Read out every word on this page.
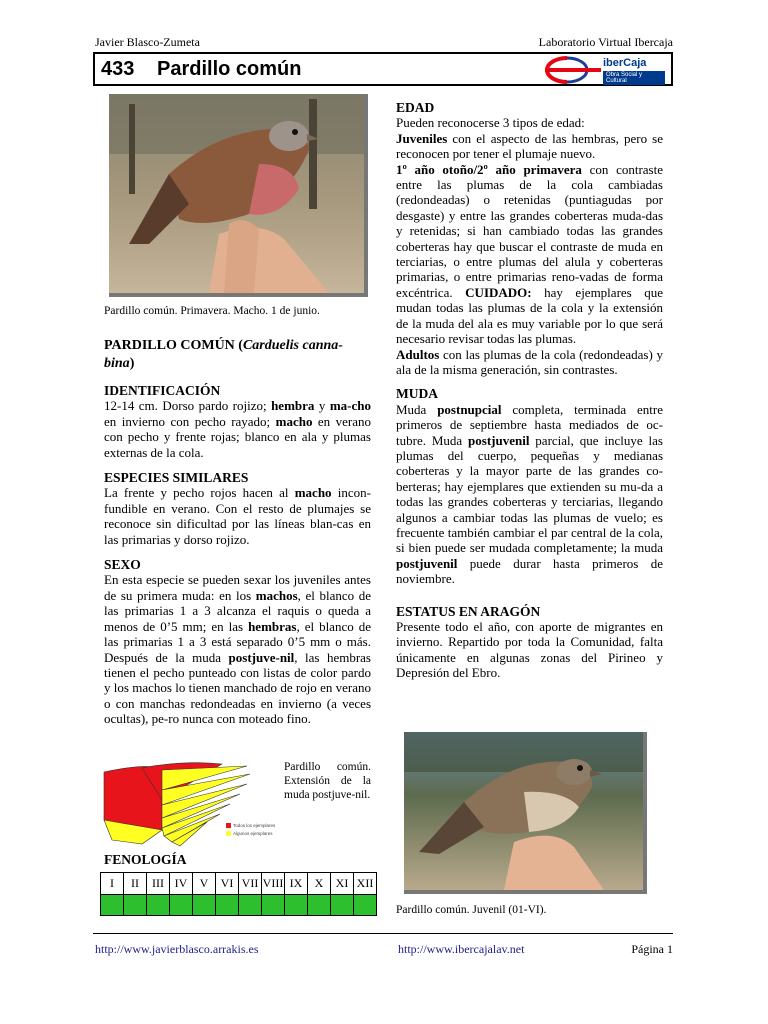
Javier Blasco-Zumeta	Laboratorio Virtual Ibercaja
433 Pardillo común	iberCaja
Obra Social y Cultural
Pardillo común. Primavera. Macho. 1 de junio.

PARDILLO COMÚN (Carduelis canna-
bina)

IDENTIFICACIÓN

12-14 cm. Dorso pardo rojizo; hembra y ma-cho en invierno con pecho rayado; macho en verano con pecho y frente rojas; blanco en ala y plumas externas de la cola.

ESPECIES SIMILARES

La frente y pecho rojos hacen al macho incon-fundible en verano. Con el resto de plumajes se reconoce sin dificultad por las líneas blan-cas en las primarias y dorso rojizo.

SEXO

En esta especie se pueden sexar los juveniles antes de su primera muda: en los machos, el blanco de las primarias 1 a 3 alcanza el raquis o queda a menos de 0’5 mm; en las hembras, el blanco de las primarias 1 a 3 está separado 0’5 mm o más. Después de la muda postjuve-nil, las hembras tienen el pecho punteado con listas de color pardo y los machos lo tienen manchado de rojo en verano o con manchas redondeadas en invierno (a veces ocultas), pe-ro nunca con moteado fino.

Todos los ejemplares
Algunos ejemplares
Pardillo común. Extensión de la muda postjuve-nil.
FENOLOGÍA
I	II	III	IV	V	VI	VII	VIII	IX	X	XI	XII

EDAD

Pueden reconocerse 3 tipos de edad:

Juveniles con el aspecto de las hembras, pero se reconocen por tener el plumaje nuevo.

1º año otoño/2º año primavera con contraste entre las plumas de la cola cambiadas (redondeadas) o retenidas (puntiagudas por desgaste) y entre las grandes coberteras muda-das y retenidas; si han cambiado todas las grandes coberteras hay que buscar el contraste de muda en terciarias, o entre plumas del alula y coberteras primarias, o entre primarias reno-vadas de forma excéntrica. CUIDADO: hay ejemplares que mudan todas las plumas de la cola y la extensión de la muda del ala es muy variable por lo que será necesario revisar todas las plumas.

Adultos con las plumas de la cola (redondeadas) y ala de la misma generación, sin contrastes.

MUDA

Muda postnupcial completa, terminada entre primeros de septiembre hasta mediados de oc-tubre. Muda postjuvenil parcial, que incluye las plumas del cuerpo, pequeñas y medianas coberteras y la mayor parte de las grandes co-berteras; hay ejemplares que extienden su mu-da a todas las grandes coberteras y terciarias, llegando algunos a cambiar todas las plumas de vuelo; es frecuente también cambiar el par central de la cola, si bien puede ser mudada completamente; la muda postjuvenil puede durar hasta primeros de noviembre.

ESTATUS EN ARAGÓN

Presente todo el año, con aporte de migrantes en invierno. Repartido por toda la Comunidad, falta únicamente en algunas zonas del Pirineo y Depresión del Ebro.

Pardillo común. Juvenil (01-VI).
http://www.javierblasco.arrakis.es	http://www.ibercajalav.net	Página 1
